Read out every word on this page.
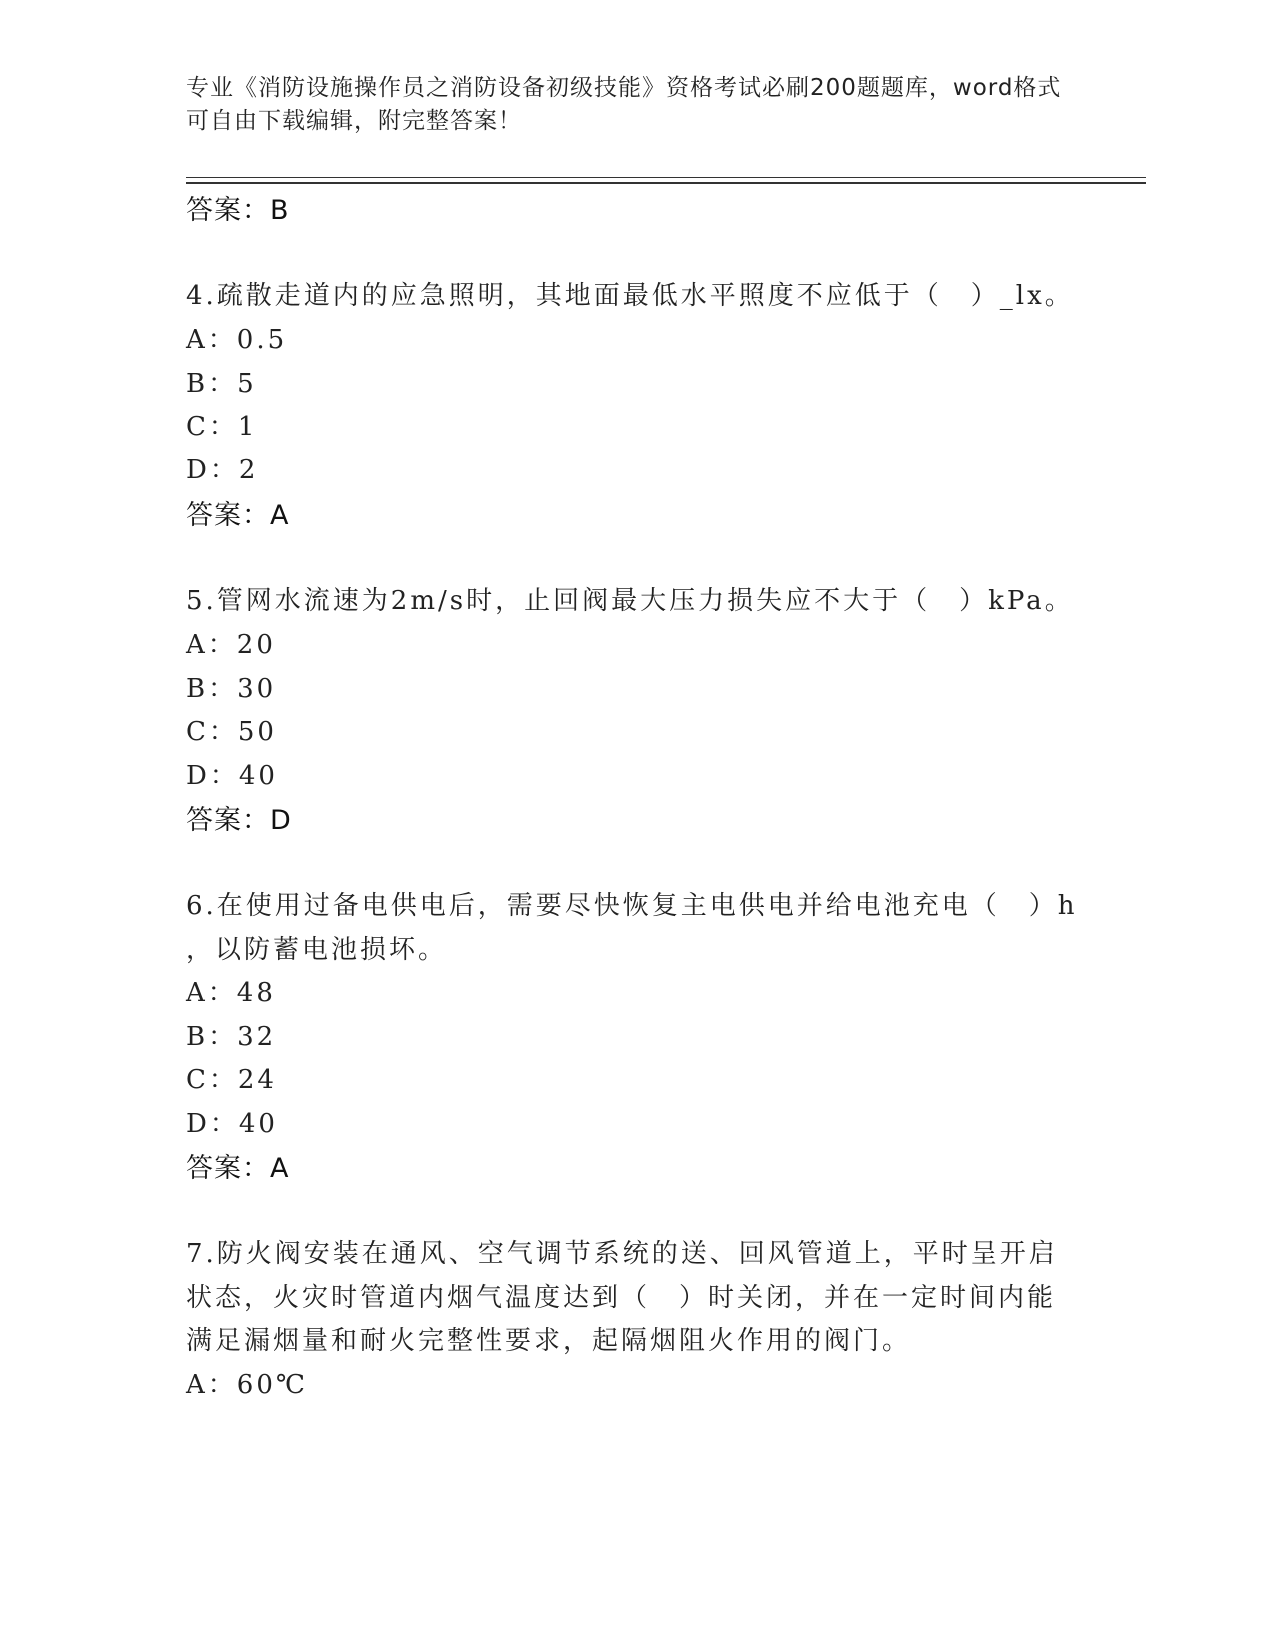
专业《消防设施操作员之消防设备初级技能》资格考试必刷200题题库，word格式可自由下载编辑，附完整答案！
答案：B
4.疏散走道内的应急照明，其地面最低水平照度不应低于（　）_lx。
A：0.5
B：5
C：1
D：2
答案：A
5.管网水流速为2m/s时，止回阀最大压力损失应不大于（　）kPa。
A：20
B：30
C：50
D：40
答案：D
6.在使用过备电供电后，需要尽快恢复主电供电并给电池充电（　）h
，以防蓄电池损坏。
A：48
B：32
C：24
D：40
答案：A
7.防火阀安装在通风、空气调节系统的送、回风管道上，平时呈开启
状态，火灾时管道内烟气温度达到（　）时关闭，并在一定时间内能
满足漏烟量和耐火完整性要求，起隔烟阻火作用的阀门。
A：60℃
